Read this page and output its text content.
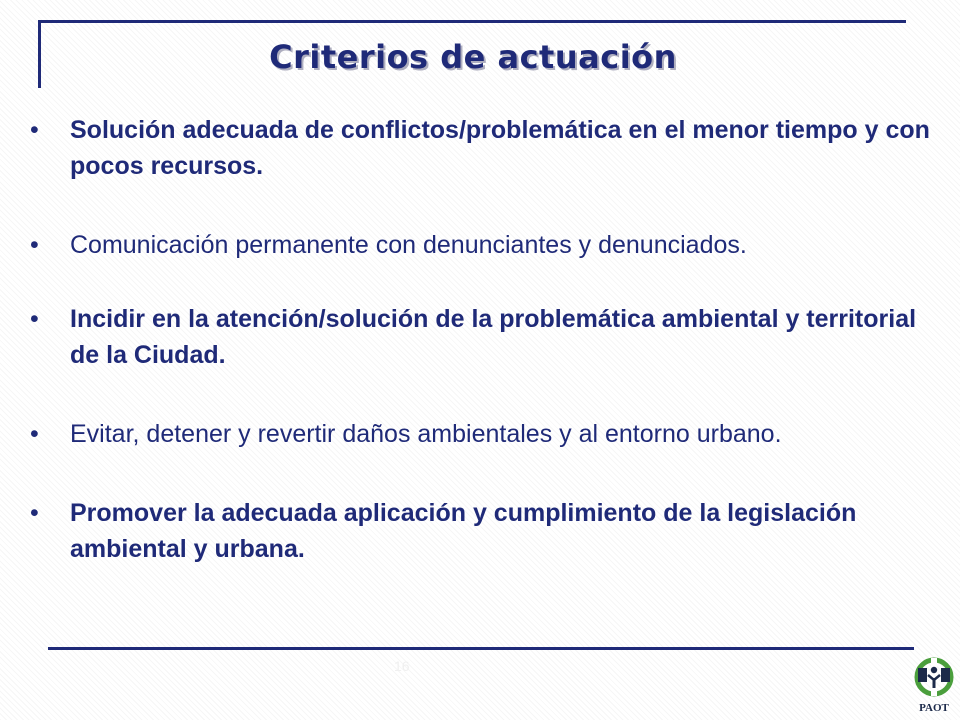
Criterios de actuación
• Solución adecuada de conflictos/problemática en el menor tiempo y con pocos recursos.
• Comunicación permanente con denunciantes y denunciados.
• Incidir en la atención/solución de la problemática ambiental y territorial de la Ciudad.
• Evitar, detener y revertir daños ambientales y al entorno urbano.
• Promover la adecuada aplicación y cumplimiento de la legislación ambiental y urbana.
16
PAOT
